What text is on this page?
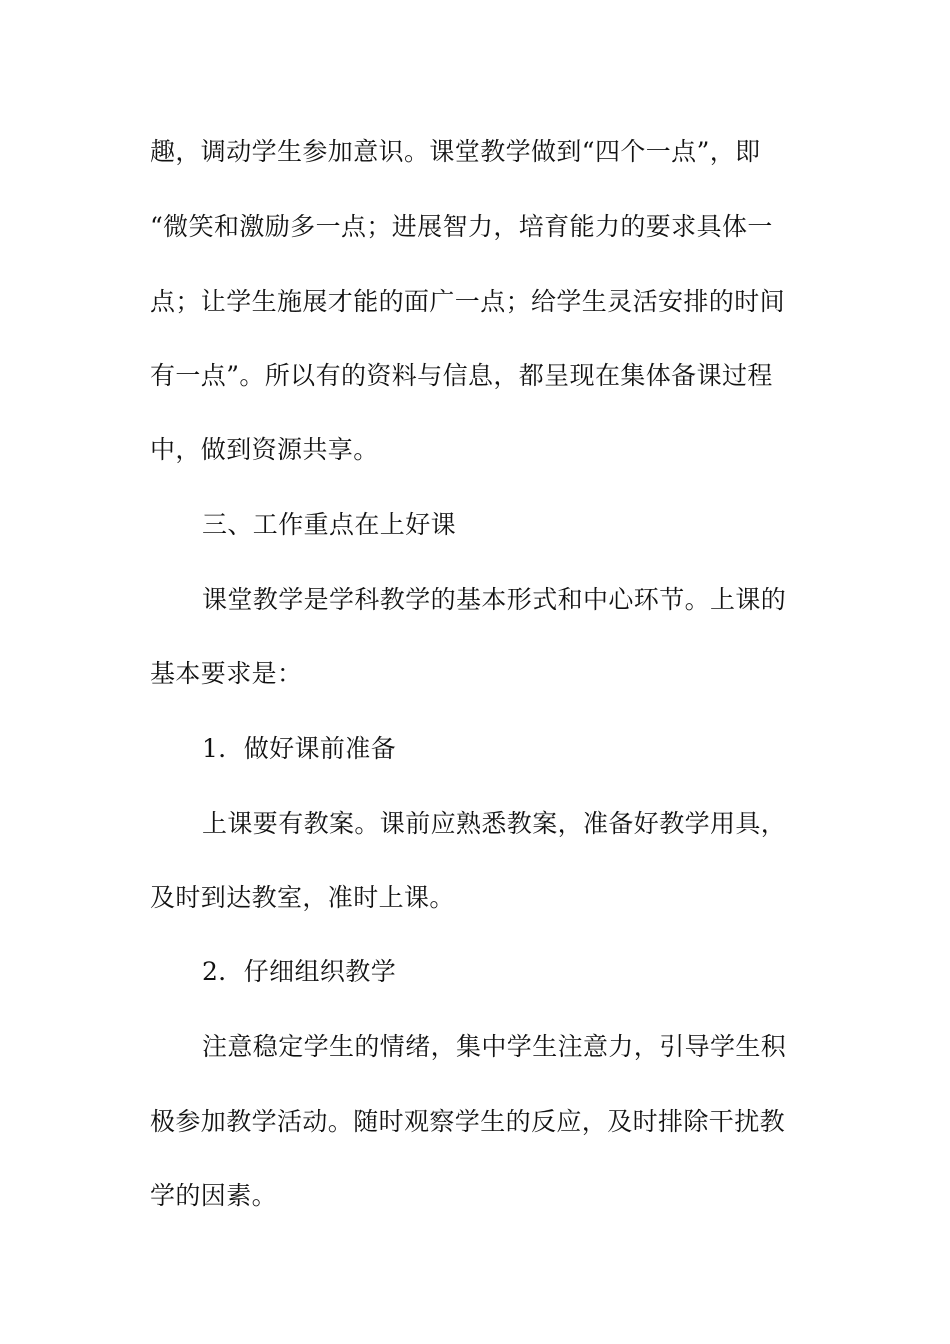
趣，调动学生参加意识。课堂教学做到“四个一点”，即
“微笑和激励多一点；进展智力，培育能力的要求具体一
点；让学生施展才能的面广一点；给学生灵活安排的时间
有一点”。所以有的资料与信息，都呈现在集体备课过程
中，做到资源共享。
三、工作重点在上好课
课堂教学是学科教学的基本形式和中心环节。上课的
基本要求是：
1．做好课前准备
上课要有教案。课前应熟悉教案，准备好教学用具，
及时到达教室，准时上课。
2．仔细组织教学
注意稳定学生的情绪，集中学生注意力，引导学生积
极参加教学活动。随时观察学生的反应，及时排除干扰教
学的因素。
